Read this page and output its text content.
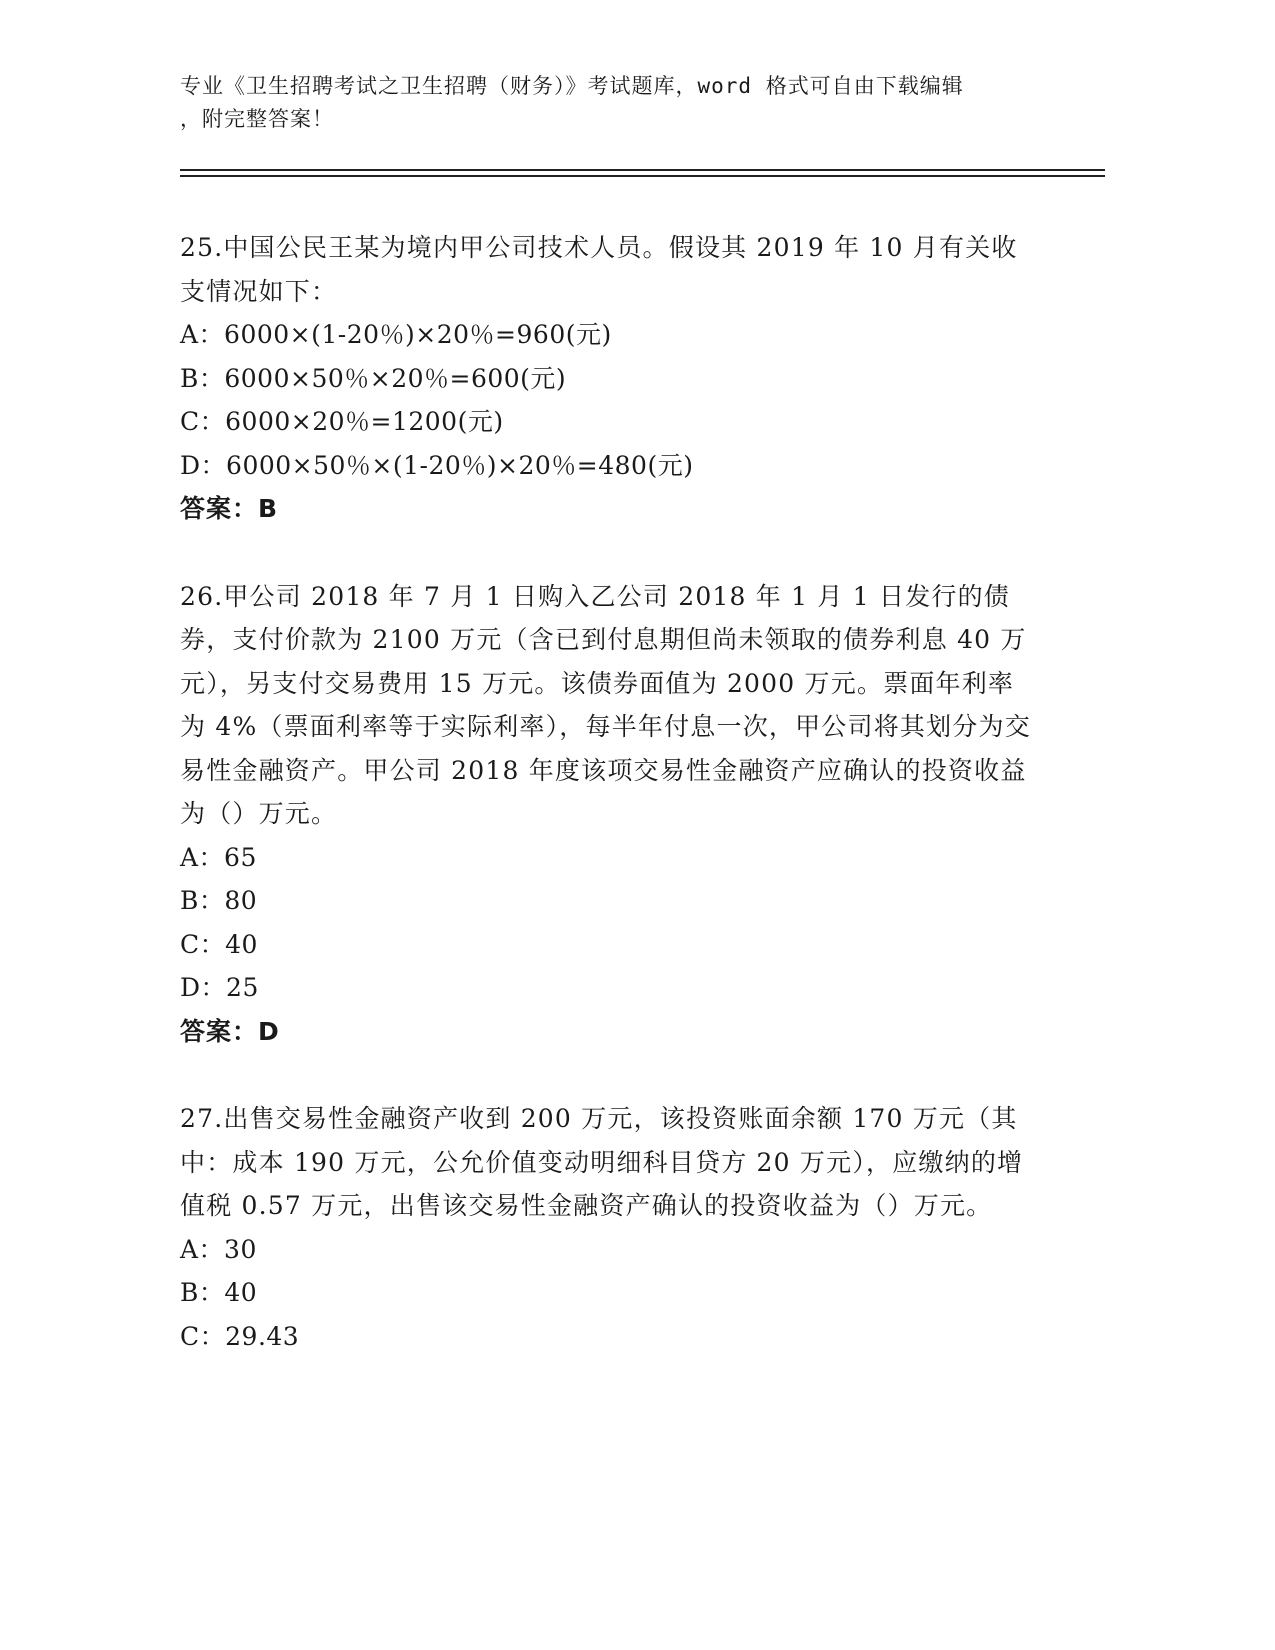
专业《卫生招聘考试之卫生招聘（财务）》考试题库，word 格式可自由下载编辑
，附完整答案！
25.中国公民王某为境内甲公司技术人员。假设其 2019 年 10 月有关收支情况如下：
A：6000×(1-20％)×20％=960(元)
B：6000×50％×20％=600(元)
C：6000×20％=1200(元)
D：6000×50％×(1-20％)×20％=480(元)
答案：B
26.甲公司 2018 年 7 月 1 日购入乙公司 2018 年 1 月 1 日发行的债券，支付价款为 2100 万元（含已到付息期但尚未领取的债券利息 40 万元），另支付交易费用 15 万元。该债券面值为 2000 万元。票面年利率为 4%（票面利率等于实际利率），每半年付息一次，甲公司将其划分为交易性金融资产。甲公司 2018 年度该项交易性金融资产应确认的投资收益为（）万元。
A：65
B：80
C：40
D：25
答案：D
27.出售交易性金融资产收到 200 万元，该投资账面余额 170 万元（其中：成本 190 万元，公允价值变动明细科目贷方 20 万元），应缴纳的增值税 0.57 万元，出售该交易性金融资产确认的投资收益为（）万元。
A：30
B：40
C：29.43
